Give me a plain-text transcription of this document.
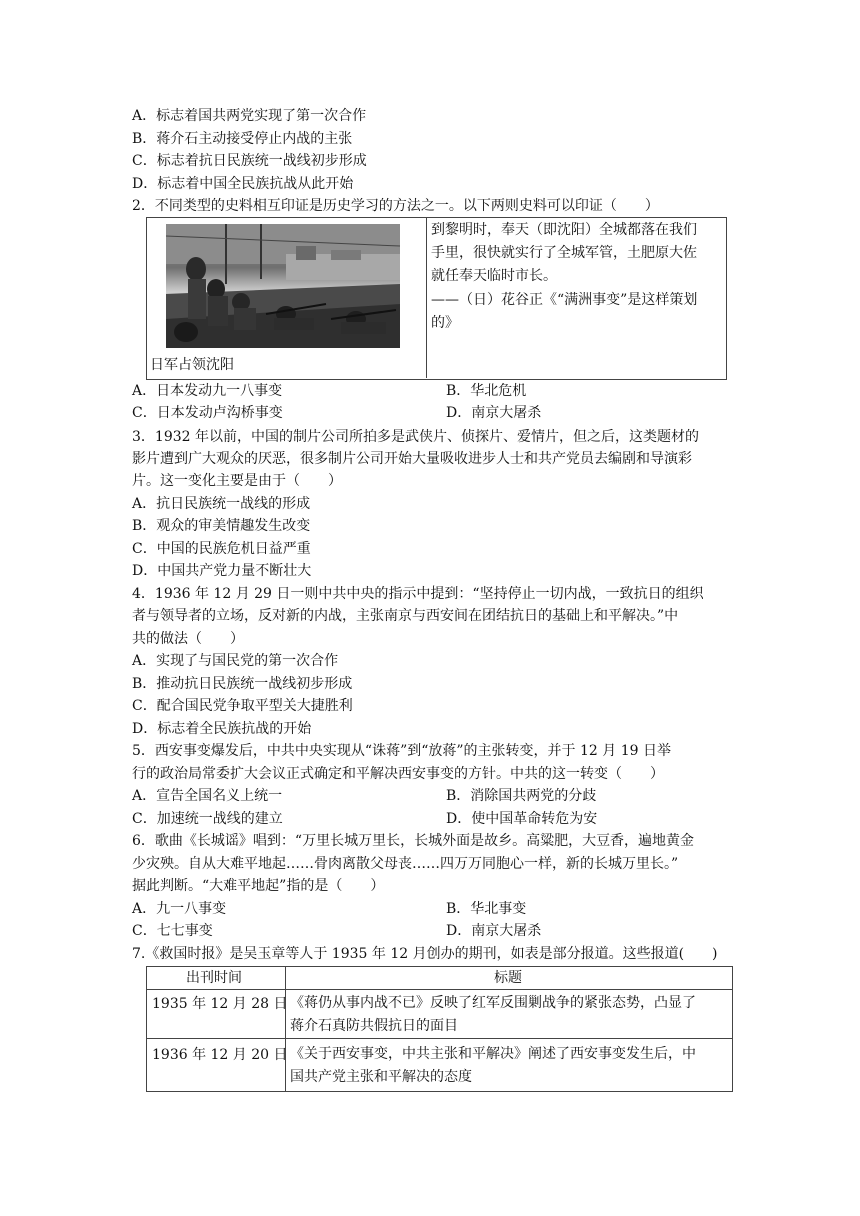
A．标志着国共两党实现了第一次合作
B．蒋介石主动接受停止内战的主张
C．标志着抗日民族统一战线初步形成
D．标志着中国全民族抗战从此开始
2．不同类型的史料相互印证是历史学习的方法之一。以下两则史料可以印证（　　）
日军占领沈阳
到黎明时，奉天（即沈阳）全城都落在我们
手里，很快就实行了全城军管，土肥原大佐
就任奉天临时市长。
——（日）花谷正《“满洲事变”是这样策划
的》
A．日本发动九一八事变	B．华北危机
C．日本发动卢沟桥事变	D．南京大屠杀
3．1932 年以前，中国的制片公司所拍多是武侠片、侦探片、爱情片，但之后，这类题材的
影片遭到广大观众的厌恶，很多制片公司开始大量吸收进步人士和共产党员去编剧和导演彩
片。这一变化主要是由于（　　）
A．抗日民族统一战线的形成
B．观众的审美情趣发生改变
C．中国的民族危机日益严重
D．中国共产党力量不断壮大
4．1936 年 12 月 29 日一则中共中央的指示中提到：“坚持停止一切内战，一致抗日的组织
者与领导者的立场，反对新的内战，主张南京与西安间在团结抗日的基础上和平解决。”中
共的做法（　　）
A．实现了与国民党的第一次合作
B．推动抗日民族统一战线初步形成
C．配合国民党争取平型关大捷胜利
D．标志着全民族抗战的开始
5．西安事变爆发后，中共中央实现从“诛蒋”到“放蒋”的主张转变，并于 12 月 19 日举
行的政治局常委扩大会议正式确定和平解决西安事变的方针。中共的这一转变（　　）
A．宣告全国名义上统一	B．消除国共两党的分歧
C．加速统一战线的建立	D．使中国革命转危为安
6．歌曲《长城谣》唱到：“万里长城万里长，长城外面是故乡。高粱肥，大豆香，遍地黄金
少灾殃。自从大难平地起……骨肉离散父母丧……四万万同胞心一样，新的长城万里长。”
据此判断。“大难平地起”指的是（　　）
A．九一八事变	B．华北事变
C．七七事变	D．南京大屠杀
7.《救国时报》是吴玉章等人于 1935 年 12 月创办的期刊，如表是部分报道。这些报道(　　)
出刊时间	标题
1935 年 12 月 28 日 《蒋仍从事内战不已》反映了红军反围剿战争的紧张态势，凸显了
蒋介石真防共假抗日的面目
1936 年 12 月 20 日 《关于西安事变，中共主张和平解决》阐述了西安事变发生后，中
国共产党主张和平解决的态度
